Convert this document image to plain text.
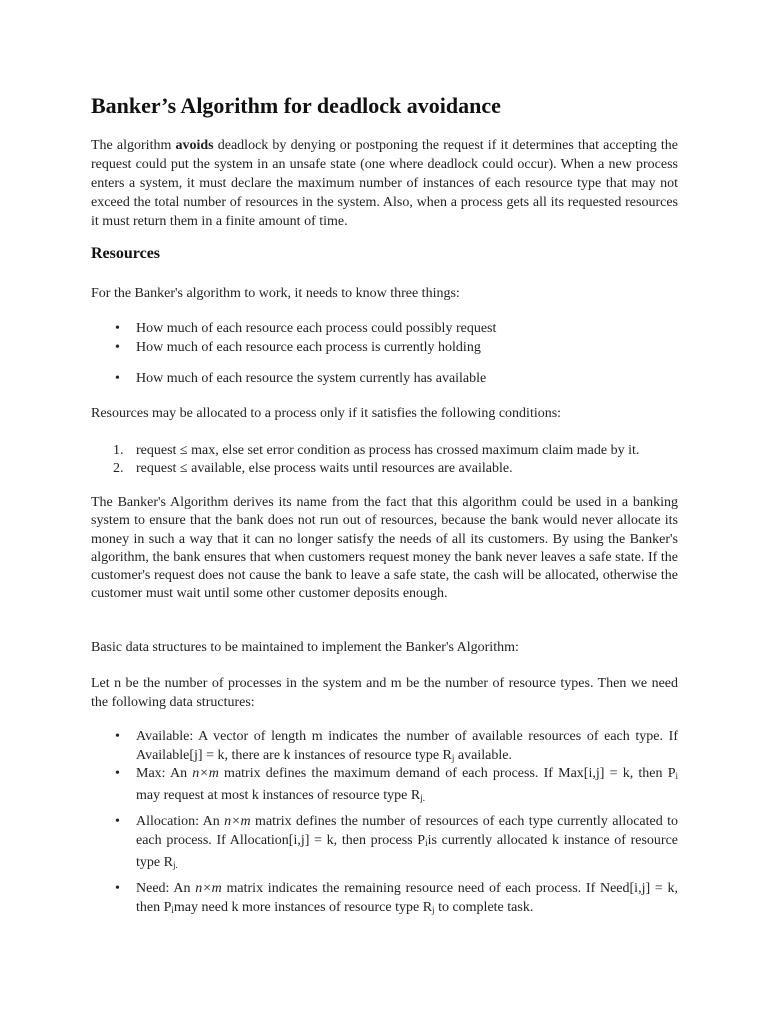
Banker’s Algorithm for deadlock avoidance

The algorithm avoids deadlock by denying or postponing the request if it determines that accepting the request could put the system in an unsafe state (one where deadlock could occur). When a new process enters a system, it must declare the maximum number of instances of each resource type that may not exceed the total number of resources in the system. Also, when a process gets all its requested resources it must return them in a finite amount of time.

Resources

For the Banker's algorithm to work, it needs to know three things:

• How much of each resource each process could possibly request
• How much of each resource each process is currently holding
• How much of each resource the system currently has available

Resources may be allocated to a process only if it satisfies the following conditions:

1. request ≤ max, else set error condition as process has crossed maximum claim made by it.
2. request ≤ available, else process waits until resources are available.

The Banker's Algorithm derives its name from the fact that this algorithm could be used in a banking system to ensure that the bank does not run out of resources, because the bank would never allocate its money in such a way that it can no longer satisfy the needs of all its customers. By using the Banker's algorithm, the bank ensures that when customers request money the bank never leaves a safe state. If the customer's request does not cause the bank to leave a safe state, the cash will be allocated, otherwise the customer must wait until some other customer deposits enough.

Basic data structures to be maintained to implement the Banker's Algorithm:

Let n be the number of processes in the system and m be the number of resource types. Then we need the following data structures:

• Available: A vector of length m indicates the number of available resources of each type. If Available[j] = k, there are k instances of resource type $R_j$ available.
• Max: An n×m matrix defines the maximum demand of each process. If Max[i,j] = k, then $P_i$ may request at most k instances of resource type $R_{j.}$
• Allocation: An n×m matrix defines the number of resources of each type currently allocated to each process. If Allocation[i,j] = k, then process $P_iis$ currently allocated k instance of resource type $R_{j.}$
• Need: An n×m matrix indicates the remaining resource need of each process. If Need[i,j] = k, then $P_imay$ need k more instances of resource type $R_j$ to complete task.
